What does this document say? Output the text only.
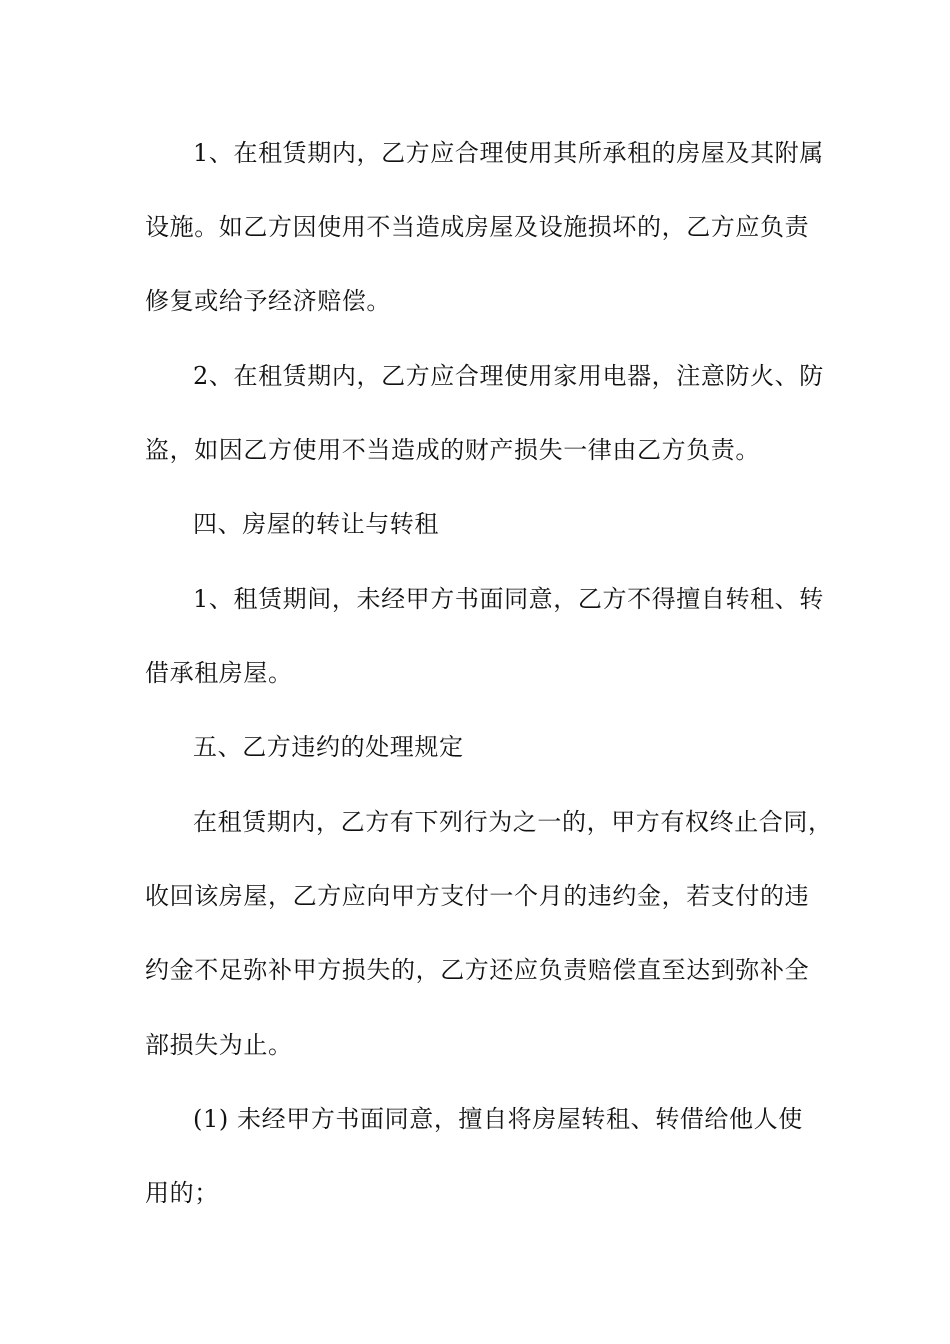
1、在租赁期内，乙方应合理使用其所承租的房屋及其附属
设施。如乙方因使用不当造成房屋及设施损坏的，乙方应负责
修复或给予经济赔偿。
2、在租赁期内，乙方应合理使用家用电器，注意防火、防
盗，如因乙方使用不当造成的财产损失一律由乙方负责。
四、房屋的转让与转租
1、租赁期间，未经甲方书面同意，乙方不得擅自转租、转
借承租房屋。
五、乙方违约的处理规定
在租赁期内，乙方有下列行为之一的，甲方有权终止合同，
收回该房屋，乙方应向甲方支付一个月的违约金，若支付的违
约金不足弥补甲方损失的，乙方还应负责赔偿直至达到弥补全
部损失为止。
(1) 未经甲方书面同意，擅自将房屋转租、转借给他人使
用的；
